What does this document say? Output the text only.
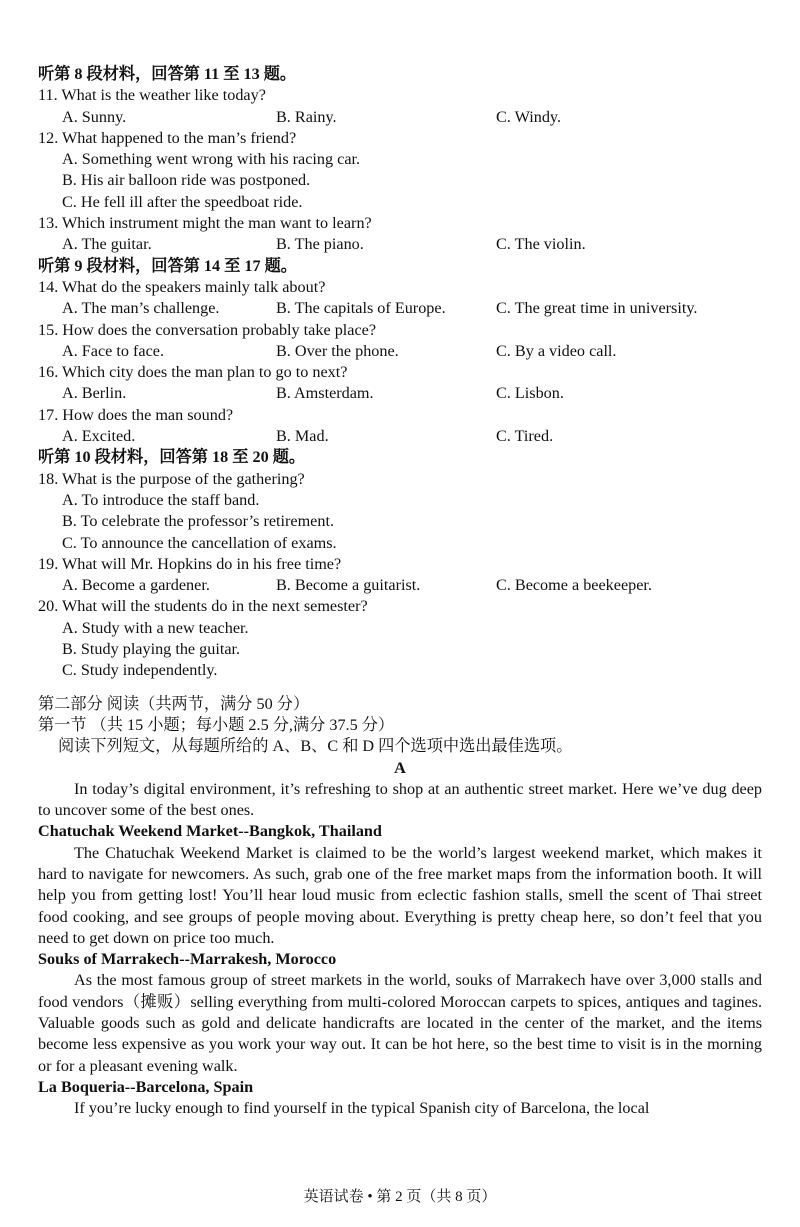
听第 8 段材料，回答第 11 至 13 题。
11. What is the weather like today?
A. Sunny.	B. Rainy.	C. Windy.
12. What happened to the man’s friend?
A. Something went wrong with his racing car.
B. His air balloon ride was postponed.
C. He fell ill after the speedboat ride.
13. Which instrument might the man want to learn?
A. The guitar.	B. The piano.	C. The violin.
听第 9 段材料，回答第 14 至 17 题。
14. What do the speakers mainly talk about?
A. The man’s challenge.	B. The capitals of Europe.	C. The great time in university.
15. How does the conversation probably take place?
A. Face to face.	B. Over the phone.	C. By a video call.
16. Which city does the man plan to go to next?
A. Berlin.	B. Amsterdam.	C. Lisbon.
17. How does the man sound?
A. Excited.	B. Mad.	C. Tired.
听第 10 段材料，回答第 18 至 20 题。
18. What is the purpose of the gathering?
A. To introduce the staff band.
B. To celebrate the professor’s retirement.
C. To announce the cancellation of exams.
19. What will Mr. Hopkins do in his free time?
A. Become a gardener.	B. Become a guitarist.	C. Become a beekeeper.
20. What will the students do in the next semester?
A. Study with a new teacher.
B. Study playing the guitar.
C. Study independently.
第二部分 阅读（共两节，满分 50 分）
第一节 （共 15 小题；每小题 2.5 分,满分 37.5 分）
阅读下列短文，从每题所给的 A、B、C 和 D 四个选项中选出最佳选项。
A
In today’s digital environment, it’s refreshing to shop at an authentic street market. Here we’ve dug deep to uncover some of the best ones.
Chatuchak Weekend Market--Bangkok, Thailand
The Chatuchak Weekend Market is claimed to be the world’s largest weekend market, which makes it hard to navigate for newcomers. As such, grab one of the free market maps from the information booth. It will help you from getting lost! You’ll hear loud music from eclectic fashion stalls, smell the scent of Thai street food cooking, and see groups of people moving about. Everything is pretty cheap here, so don’t feel that you need to get down on price too much.
Souks of Marrakech--Marrakesh, Morocco
As the most famous group of street markets in the world, souks of Marrakech have over 3,000 stalls and food vendors（摊贩）selling everything from multi-colored Moroccan carpets to spices, antiques and tagines. Valuable goods such as gold and delicate handicrafts are located in the center of the market, and the items become less expensive as you work your way out. It can be hot here, so the best time to visit is in the morning or for a pleasant evening walk.
La Boqueria--Barcelona, Spain
If you’re lucky enough to find yourself in the typical Spanish city of Barcelona, the local
英语试卷 • 第 2 页（共 8 页）
